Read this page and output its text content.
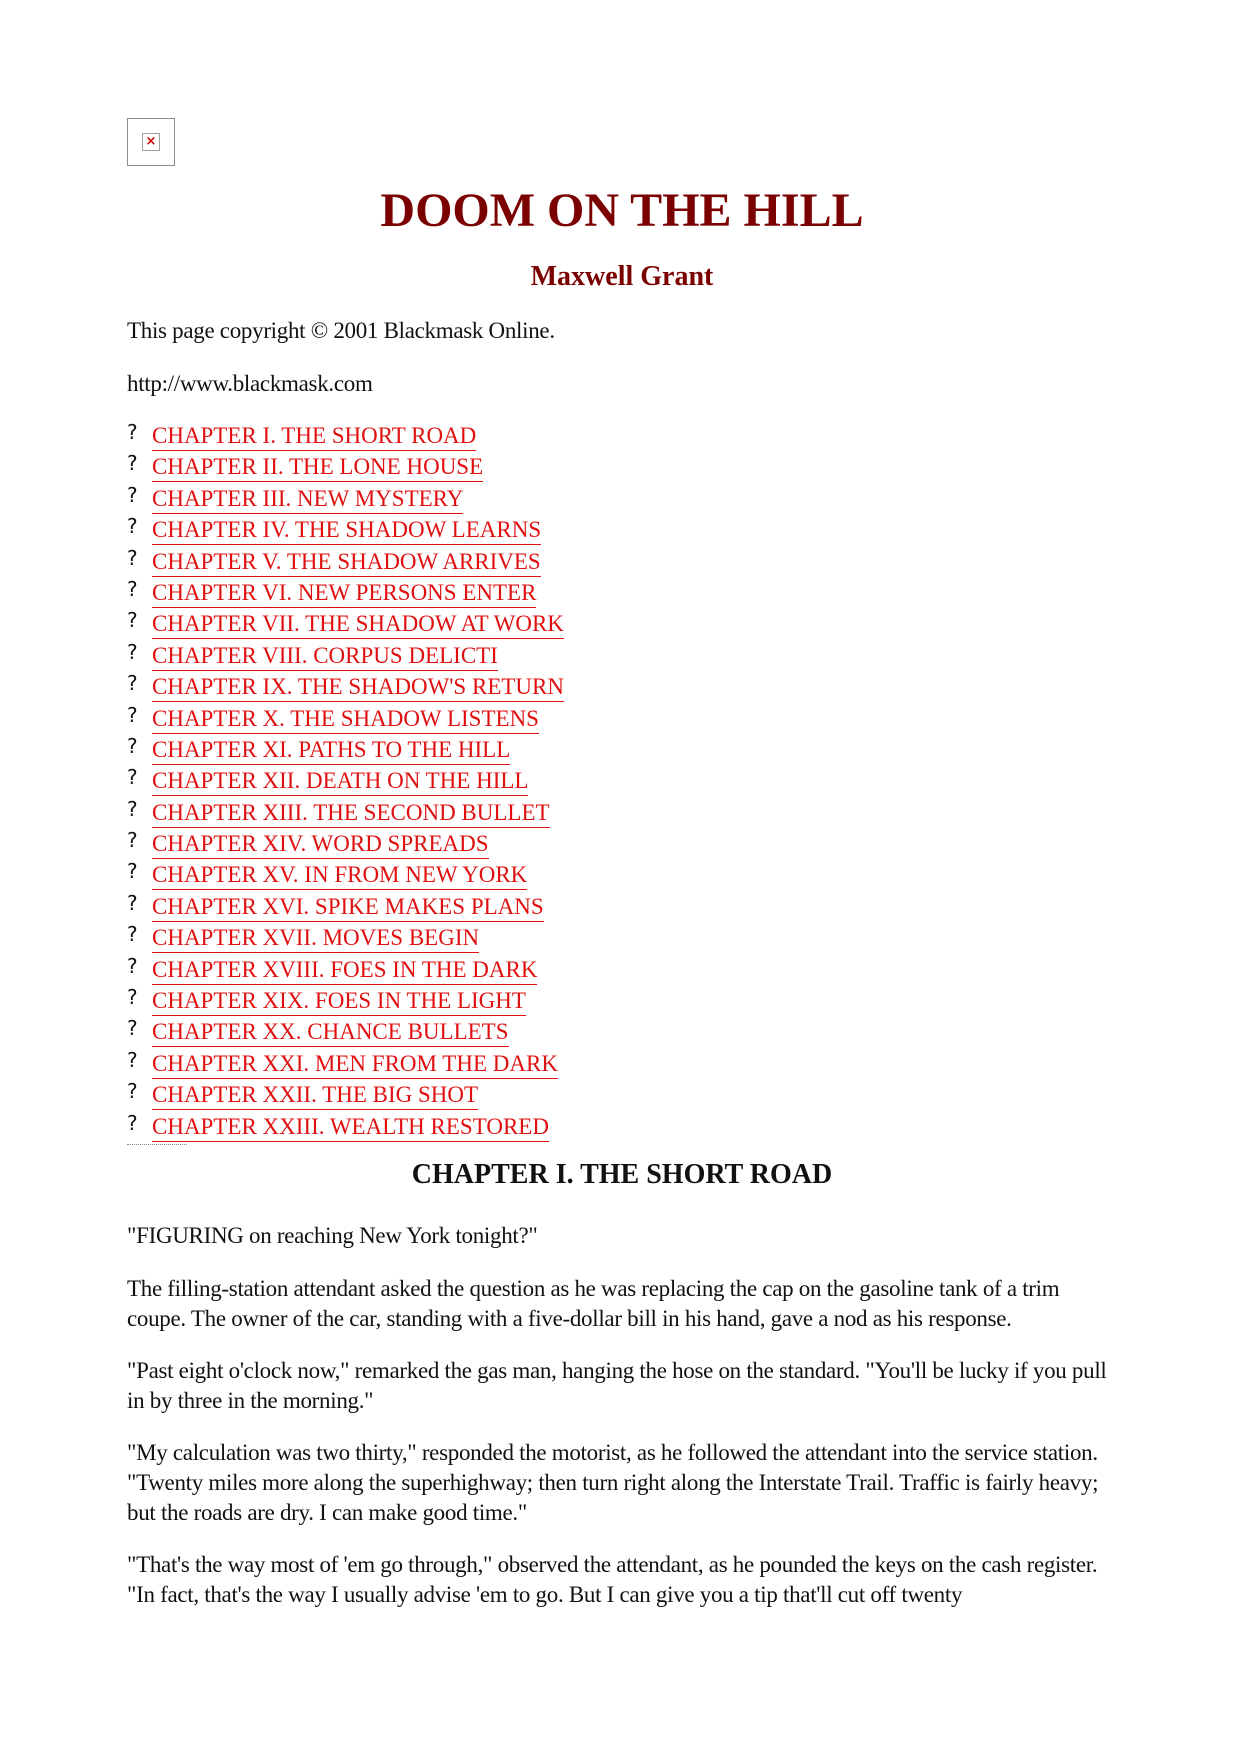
×
DOOM ON THE HILL
Maxwell Grant

This page copyright © 2001 Blackmask Online.

http://www.blackmask.com

? CHAPTER I. THE SHORT ROAD
? CHAPTER II. THE LONE HOUSE
? CHAPTER III. NEW MYSTERY
? CHAPTER IV. THE SHADOW LEARNS
? CHAPTER V. THE SHADOW ARRIVES
? CHAPTER VI. NEW PERSONS ENTER
? CHAPTER VII. THE SHADOW AT WORK
? CHAPTER VIII. CORPUS DELICTI
? CHAPTER IX. THE SHADOW'S RETURN
? CHAPTER X. THE SHADOW LISTENS
? CHAPTER XI. PATHS TO THE HILL
? CHAPTER XII. DEATH ON THE HILL
? CHAPTER XIII. THE SECOND BULLET
? CHAPTER XIV. WORD SPREADS
? CHAPTER XV. IN FROM NEW YORK
? CHAPTER XVI. SPIKE MAKES PLANS
? CHAPTER XVII. MOVES BEGIN
? CHAPTER XVIII. FOES IN THE DARK
? CHAPTER XIX. FOES IN THE LIGHT
? CHAPTER XX. CHANCE BULLETS
? CHAPTER XXI. MEN FROM THE DARK
? CHAPTER XXII. THE BIG SHOT
? CHAPTER XXIII. WEALTH RESTORED
CHAPTER I. THE SHORT ROAD

"FIGURING on reaching New York tonight?"

The filling-station attendant asked the question as he was replacing the cap on the gasoline tank of a trim coupe. The owner of the car, standing with a five-dollar bill in his hand, gave a nod as his response.

"Past eight o'clock now," remarked the gas man, hanging the hose on the standard. "You'll be lucky if you pull in by three in the morning."

"My calculation was two thirty," responded the motorist, as he followed the attendant into the service station. "Twenty miles more along the superhighway; then turn right along the Interstate Trail. Traffic is fairly heavy; but the roads are dry. I can make good time."

"That's the way most of 'em go through," observed the attendant, as he pounded the keys on the cash register. "In fact, that's the way I usually advise 'em to go. But I can give you a tip that'll cut off twenty
